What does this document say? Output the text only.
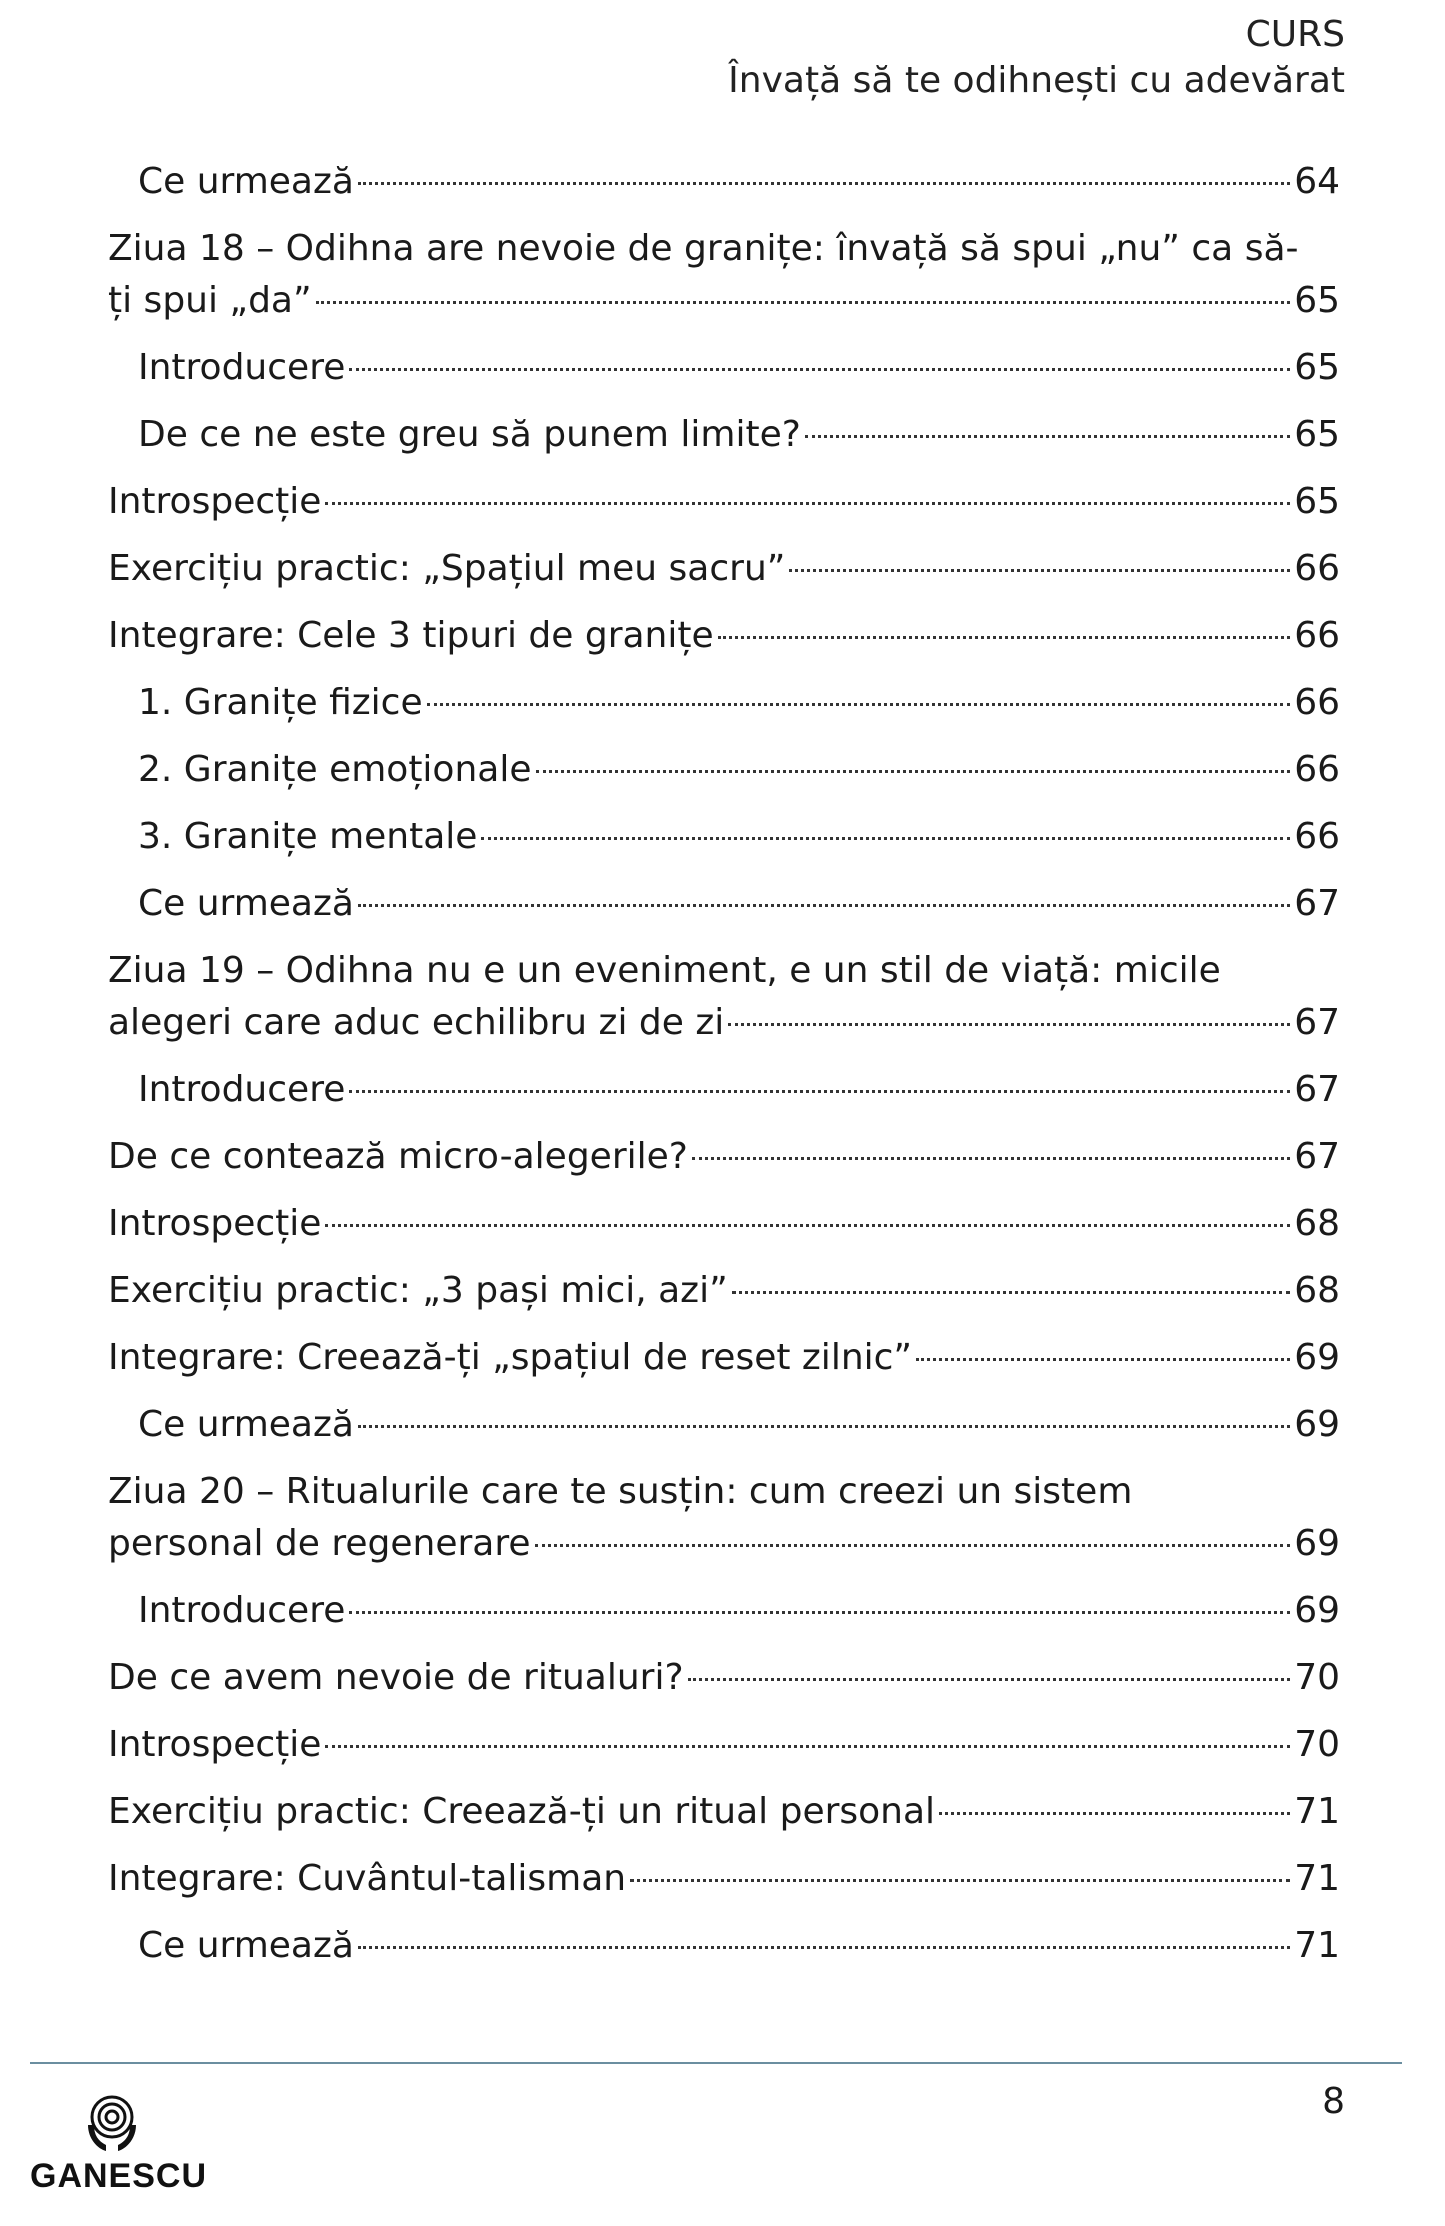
CURS
Învață să te odihnești cu adevărat
Ce urmează	64
Ziua 18 – Odihna are nevoie de granițe: învață să spui „nu” ca să-
ți spui „da”	65
Introducere	65
De ce ne este greu să punem limite?	65
Introspecție	65
Exercițiu practic: „Spațiul meu sacru”	66
Integrare: Cele 3 tipuri de granițe	66
1. Granițe fizice	66
2. Granițe emoționale	66
3. Granițe mentale	66
Ce urmează	67
Ziua 19 – Odihna nu e un eveniment, e un stil de viață: micile
alegeri care aduc echilibru zi de zi	67
Introducere	67
De ce contează micro-alegerile?	67
Introspecție	68
Exercițiu practic: „3 pași mici, azi”	68
Integrare: Creează-ți „spațiul de reset zilnic”	69
Ce urmează	69
Ziua 20 – Ritualurile care te susțin: cum creezi un sistem
personal de regenerare	69
Introducere	69
De ce avem nevoie de ritualuri?	70
Introspecție	70
Exercițiu practic: Creează-ți un ritual personal	71
Integrare: Cuvântul-talisman	71
Ce urmează	71
8
GANESCU
